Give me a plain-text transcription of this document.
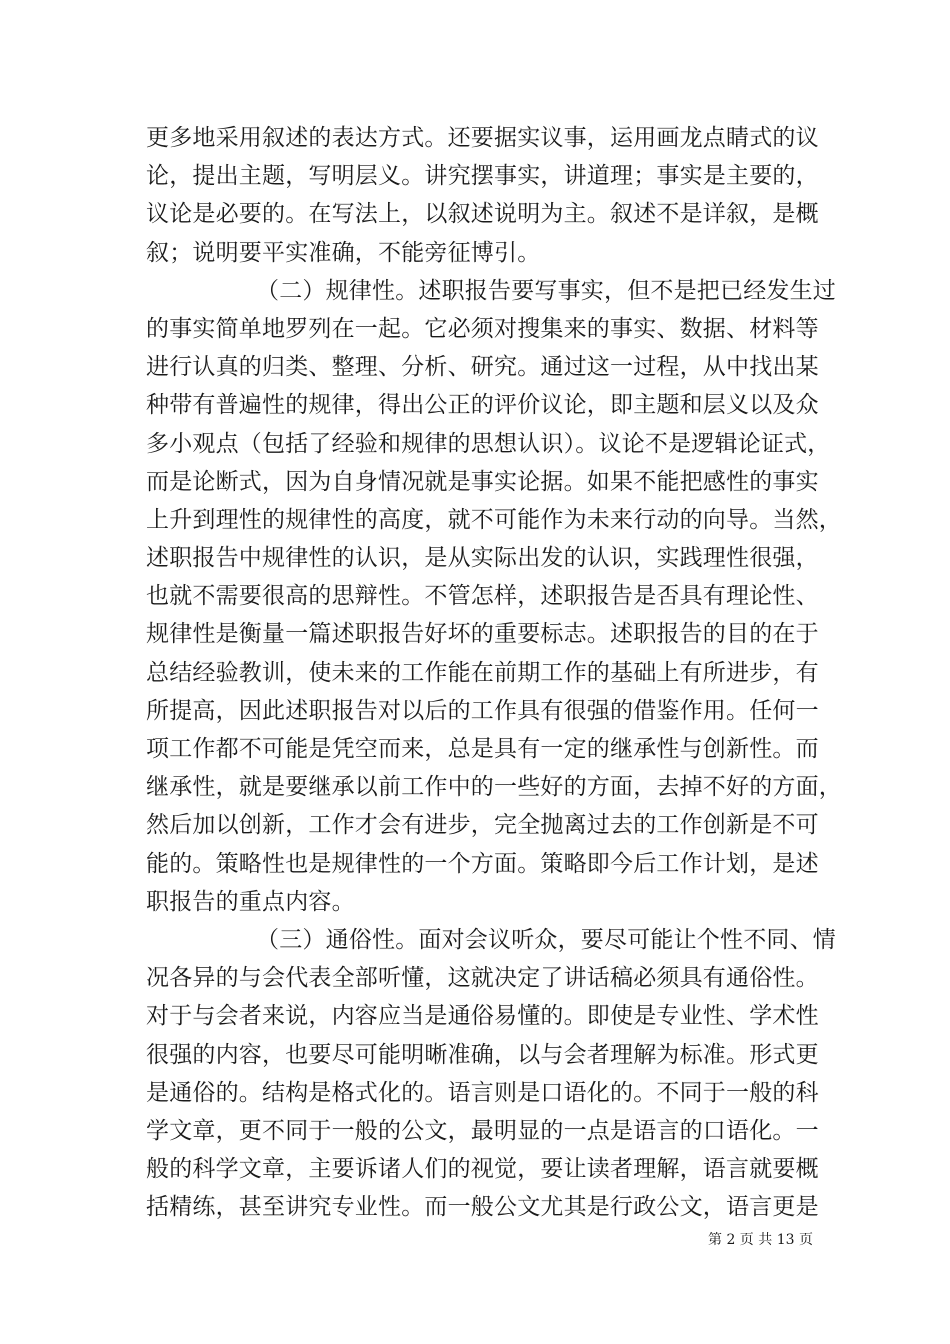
更多地采用叙述的表达方式。还要据实议事，运用画龙点睛式的议
论，提出主题，写明层义。讲究摆事实，讲道理；事实是主要的，
议论是必要的。在写法上，以叙述说明为主。叙述不是详叙，是概
叙；说明要平实准确，不能旁征博引。
（二）规律性。述职报告要写事实，但不是把已经发生过
的事实简单地罗列在一起。它必须对搜集来的事实、数据、材料等
进行认真的归类、整理、分析、研究。通过这一过程，从中找出某
种带有普遍性的规律，得出公正的评价议论，即主题和层义以及众
多小观点（包括了经验和规律的思想认识）。议论不是逻辑论证式，
而是论断式，因为自身情况就是事实论据。如果不能把感性的事实
上升到理性的规律性的高度，就不可能作为未来行动的向导。当然，
述职报告中规律性的认识，是从实际出发的认识，实践理性很强，
也就不需要很高的思辩性。不管怎样，述职报告是否具有理论性、
规律性是衡量一篇述职报告好坏的重要标志。述职报告的目的在于
总结经验教训，使未来的工作能在前期工作的基础上有所进步，有
所提高，因此述职报告对以后的工作具有很强的借鉴作用。任何一
项工作都不可能是凭空而来，总是具有一定的继承性与创新性。而
继承性，就是要继承以前工作中的一些好的方面，去掉不好的方面，
然后加以创新，工作才会有进步，完全抛离过去的工作创新是不可
能的。策略性也是规律性的一个方面。策略即今后工作计划，是述
职报告的重点内容。
（三）通俗性。面对会议听众，要尽可能让个性不同、情
况各异的与会代表全部听懂，这就决定了讲话稿必须具有通俗性。
对于与会者来说，内容应当是通俗易懂的。即使是专业性、学术性
很强的内容，也要尽可能明晰准确，以与会者理解为标准。形式更
是通俗的。结构是格式化的。语言则是口语化的。不同于一般的科
学文章，更不同于一般的公文，最明显的一点是语言的口语化。一
般的科学文章，主要诉诸人们的视觉，要让读者理解，语言就要概
括精练，甚至讲究专业性。而一般公文尤其是行政公文，语言更是
第 2 页 共 13 页
